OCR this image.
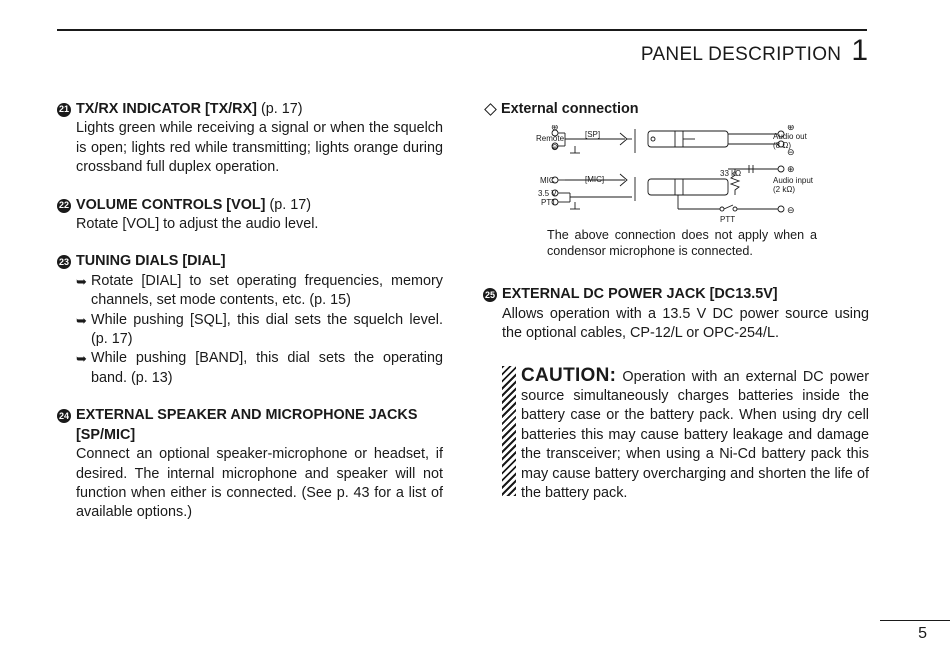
PANEL DESCRIPTION 1
21 TX/RX INDICATOR [TX/RX] (p. 17)
Lights green while receiving a signal or when the squelch is open; lights red while transmitting; lights orange during crossband full duplex operation.
22 VOLUME CONTROLS [VOL] (p. 17)
Rotate [VOL] to adjust the audio level.
23 TUNING DIALS [DIAL]
➥ Rotate [DIAL] to set operating frequencies, memory channels, set mode contents, etc. (p. 15)
➥ While pushing [SQL], this dial sets the squelch level. (p. 17)
➥ While pushing [BAND], this dial sets the operating band. (p. 13)
24 EXTERNAL SPEAKER AND MICROPHONE JACKS
[SP/MIC]
Connect an optional speaker-microphone or headset, if desired. The internal microphone and speaker will not function when either is connected. (See p. 43 for a list of available options.)
External connection
⊕
⊖
⊕
⊖
⊕
⊖
Remote	[SP]	Audio out
(8 Ω)
MIC	[MIC]
3.5 V
PTT
33 kΩ
Audio input
(2 kΩ)
PTT
The above connection does not apply when a condensor microphone is connected.
25 EXTERNAL DC POWER JACK [DC13.5V]
Allows operation with a 13.5 V DC power source using the optional cables, CP-12/L or OPC-254/L.
CAUTION: Operation with an external DC power source simultaneously charges batteries inside the battery case or the battery pack. When using dry cell batteries this may cause battery leakage and damage the transceiver; when using a Ni-Cd battery pack this may cause battery overcharging and shorten the life of the battery pack.
5
